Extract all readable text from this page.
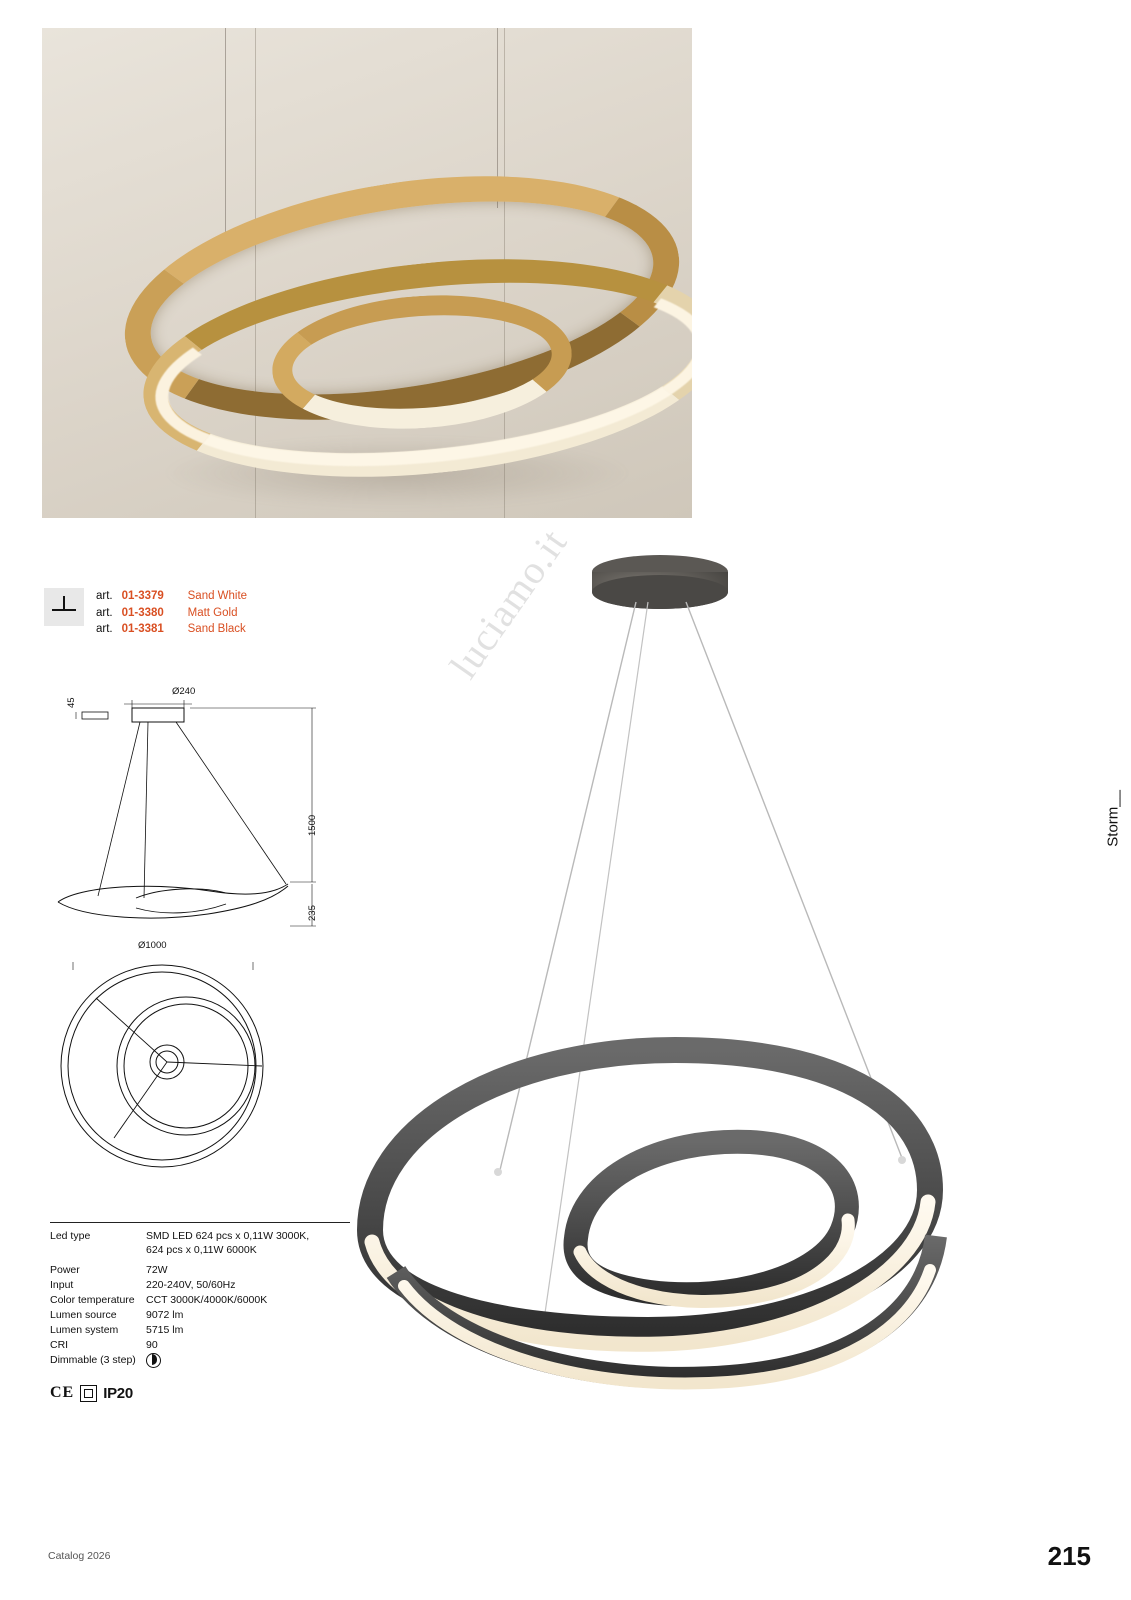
art. 01-3379 Sand White
art. 01-3380 Matt Gold
art. 01-3381 Sand Black
Ø240
45
1500
235
Ø1000
Led type	SMD LED 624 pcs x 0,11W 3000K,
624 pcs x 0,11W 6000K
Power	72W
Input	220-240V, 50/60Hz
Color temperature	CCT 3000K/4000K/6000K
Lumen source	9072 lm
Lumen system	5715 lm
CRI	90
Dimmable (3 step)
CE IP20
luciamo.it
Storm__
Catalog 2026	215
